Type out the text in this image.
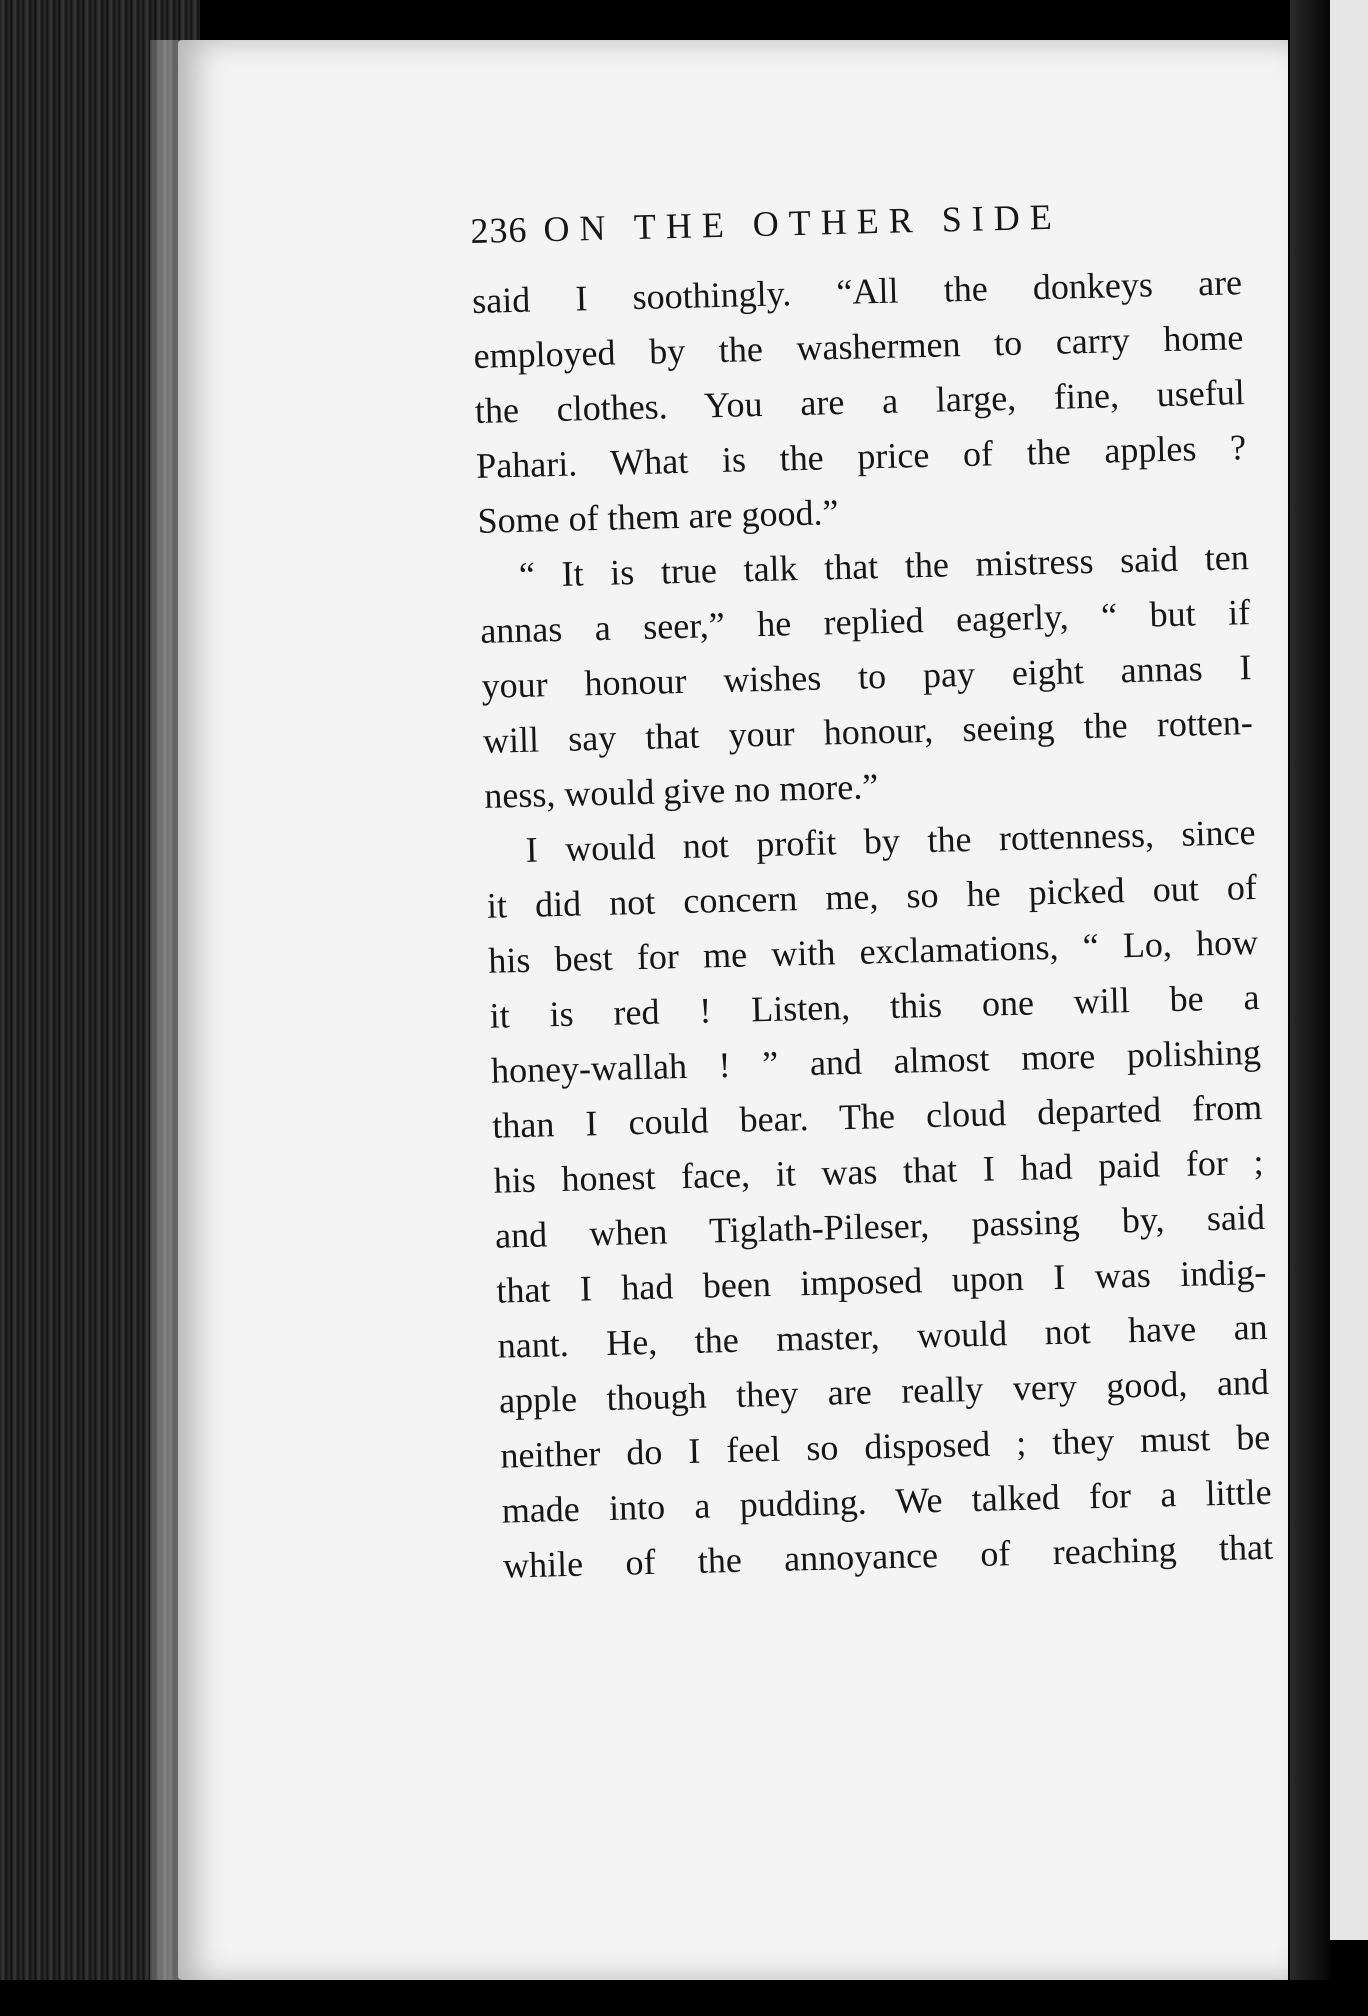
236 ON THE OTHER SIDE

said I soothingly. “All the donkeys are
employed by the washermen to carry home
the clothes. You are a large, fine, useful
Pahari. What is the price of the apples ?
Some of them are good.”

“ It is true talk that the mistress said ten
annas a seer,” he replied eagerly, “ but if
your honour wishes to pay eight annas I
will say that your honour, seeing the rotten-
ness, would give no more.”

I would not profit by the rottenness, since
it did not concern me, so he picked out of
his best for me with exclamations, “ Lo, how
it is red ! Listen, this one will be a
honey-wallah ! ” and almost more polishing
than I could bear. The cloud departed from
his honest face, it was that I had paid for ;
and when Tiglath-Pileser, passing by, said
that I had been imposed upon I was indig-
nant. He, the master, would not have an
apple though they are really very good, and
neither do I feel so disposed ; they must be
made into a pudding. We talked for a little
while of the annoyance of reaching that
